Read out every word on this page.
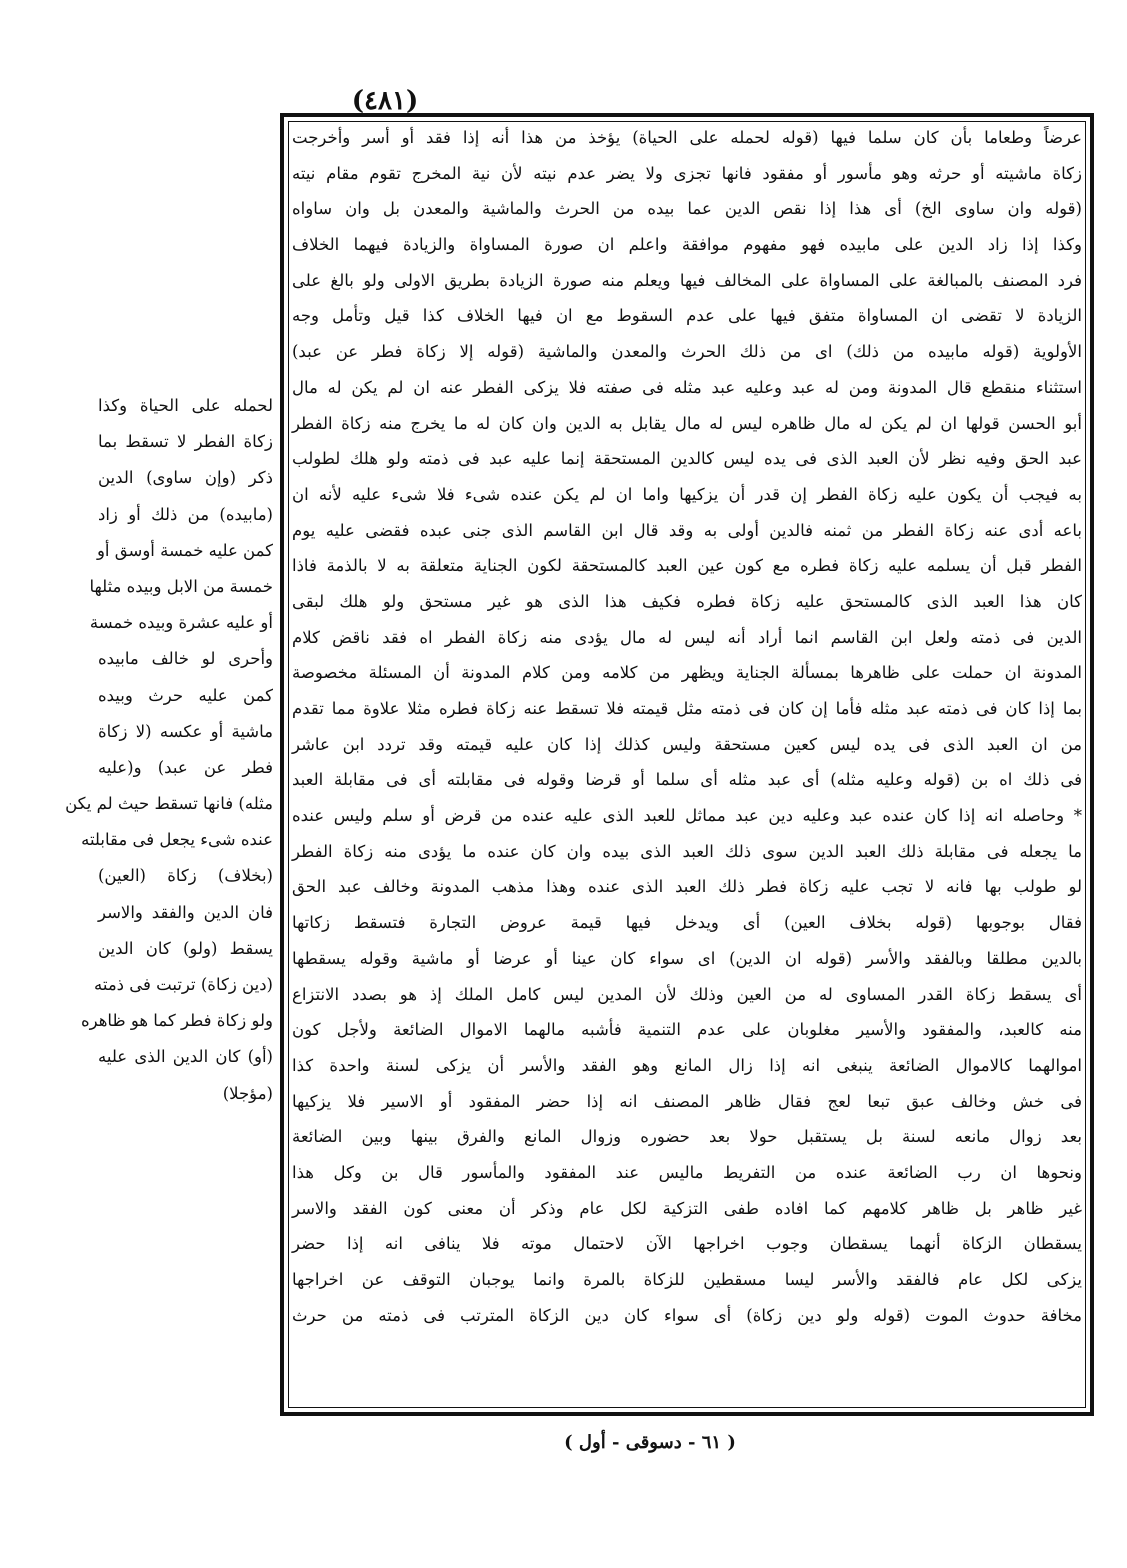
(٤٨١)
عرضاً وطعاما بأن كان سلما فيها (قوله لحمله على الحياة) يؤخذ من هذا أنه إذا فقد أو أسر وأخرجت
زكاة ماشيته أو حرثه وهو مأسور أو مفقود فانها تجزى ولا يضر عدم نيته لأن نية المخرج تقوم مقام نيته
(قوله وان ساوى الخ) أى هذا إذا نقص الدين عما بيده من الحرث والماشية والمعدن بل وان ساواه
وكذا إذا زاد الدين على مابيده فهو مفهوم موافقة واعلم ان صورة المساواة والزيادة فيهما الخلاف
فرد المصنف بالمبالغة على المساواة على المخالف فيها ويعلم منه صورة الزيادة بطريق الاولى ولو بالغ على
الزيادة لا تقضى ان المساواة متفق فيها على عدم السقوط مع ان فيها الخلاف كذا قيل وتأمل وجه
الأولوية (قوله مابيده من ذلك) اى من ذلك الحرث والمعدن والماشية (قوله إلا زكاة فطر عن عبد)
استثناء منقطع قال المدونة ومن له عبد وعليه عبد مثله فى صفته فلا يزكى الفطر عنه ان لم يكن له مال
أبو الحسن قولها ان لم يكن له مال ظاهره ليس له مال يقابل به الدين وان كان له ما يخرج منه زكاة الفطر
عبد الحق وفيه نظر لأن العبد الذى فى يده ليس كالدين المستحقة إنما عليه عبد فى ذمته ولو هلك لطولب
به فيجب أن يكون عليه زكاة الفطر إن قدر أن يزكيها واما ان لم يكن عنده شىء فلا شىء عليه لأنه ان
باعه أدى عنه زكاة الفطر من ثمنه فالدين أولى به وقد قال ابن القاسم الذى جنى عبده فقضى عليه يوم
الفطر قبل أن يسلمه عليه زكاة فطره مع كون عين العبد كالمستحقة لكون الجناية متعلقة به لا بالذمة فاذا
كان هذا العبد الذى كالمستحق عليه زكاة فطره فكيف هذا الذى هو غير مستحق ولو هلك لبقى
الدين فى ذمته ولعل ابن القاسم انما أراد أنه ليس له مال يؤدى منه زكاة الفطر اه فقد ناقض كلام
المدونة ان حملت على ظاهرها بمسألة الجناية ويظهر من كلامه ومن كلام المدونة أن المسئلة مخصوصة
بما إذا كان فى ذمته عبد مثله فأما إن كان فى ذمته مثل قيمته فلا تسقط عنه زكاة فطره مثلا علاوة مما تقدم
من ان العبد الذى فى يده ليس كعين مستحقة وليس كذلك إذا كان عليه قيمته وقد تردد ابن عاشر
فى ذلك اه بن (قوله وعليه مثله) أى عبد مثله أى سلما أو قرضا وقوله فى مقابلته أى فى مقابلة العبد
* وحاصله انه إذا كان عنده عبد وعليه دين عبد مماثل للعبد الذى عليه عنده من قرض أو سلم وليس عنده
ما يجعله فى مقابلة ذلك العبد الدين سوى ذلك العبد الذى بيده وان كان عنده ما يؤدى منه زكاة الفطر
لو طولب بها فانه لا تجب عليه زكاة فطر ذلك العبد الذى عنده وهذا مذهب المدونة وخالف عبد الحق
فقال بوجوبها (قوله بخلاف العين) أى ويدخل فيها قيمة عروض التجارة فتسقط زكاتها
بالدين مطلقا وبالفقد والأسر (قوله ان الدين) اى سواء كان عينا أو عرضا أو ماشية وقوله يسقطها
أى يسقط زكاة القدر المساوى له من العين وذلك لأن المدين ليس كامل الملك إذ هو بصدد الانتزاع
منه كالعبد، والمفقود والأسير مغلوبان على عدم التنمية فأشبه مالهما الاموال الضائعة ولأجل كون
اموالهما كالاموال الضائعة ينبغى انه إذا زال المانع وهو الفقد والأسر أن يزكى لسنة واحدة كذا
فى خش وخالف عبق تبعا لعج فقال ظاهر المصنف انه إذا حضر المفقود أو الاسير فلا يزكيها
بعد زوال مانعه لسنة بل يستقبل حولا بعد حضوره وزوال المانع والفرق بينها وبين الضائعة
ونحوها ان رب الضائعة عنده من التفريط ماليس عند المفقود والمأسور قال بن وكل هذا
غير ظاهر بل ظاهر كلامهم كما افاده طفى التزكية لكل عام وذكر أن معنى كون الفقد والاسر
يسقطان الزكاة أنهما يسقطان وجوب اخراجها الآن لاحتمال موته فلا ينافى انه إذا حضر
يزكى لكل عام فالفقد والأسر ليسا مسقطين للزكاة بالمرة وانما يوجبان التوقف عن اخراجها
مخافة حدوث الموت (قوله ولو دين زكاة) أى سواء كان دين الزكاة المترتب فى ذمته من حرث
لحمله على الحياة وكذا
زكاة الفطر لا تسقط بما
ذكر (وإن ساوى) الدين
(مابيده) من ذلك أو زاد
كمن عليه خمسة أوسق أو
خمسة من الابل وبيده مثلها
أو عليه عشرة وبيده خمسة
وأحرى لو خالف مابيده
كمن عليه حرث وبيده
ماشية أو عكسه (لا زكاة
فطر عن عبد) و(عليه
مثله) فانها تسقط حيث لم يكن
عنده شىء يجعل فى مقابلته
(بخلاف) زكاة (العين)
فان الدين والفقد والاسر
يسقط (ولو) كان الدين
(دين زكاة) ترتبت فى ذمته
ولو زكاة فطر كما هو ظاهره
(أو) كان الدين الذى عليه
(مؤجلا)
( ٦١ - دسوقى - أول )
